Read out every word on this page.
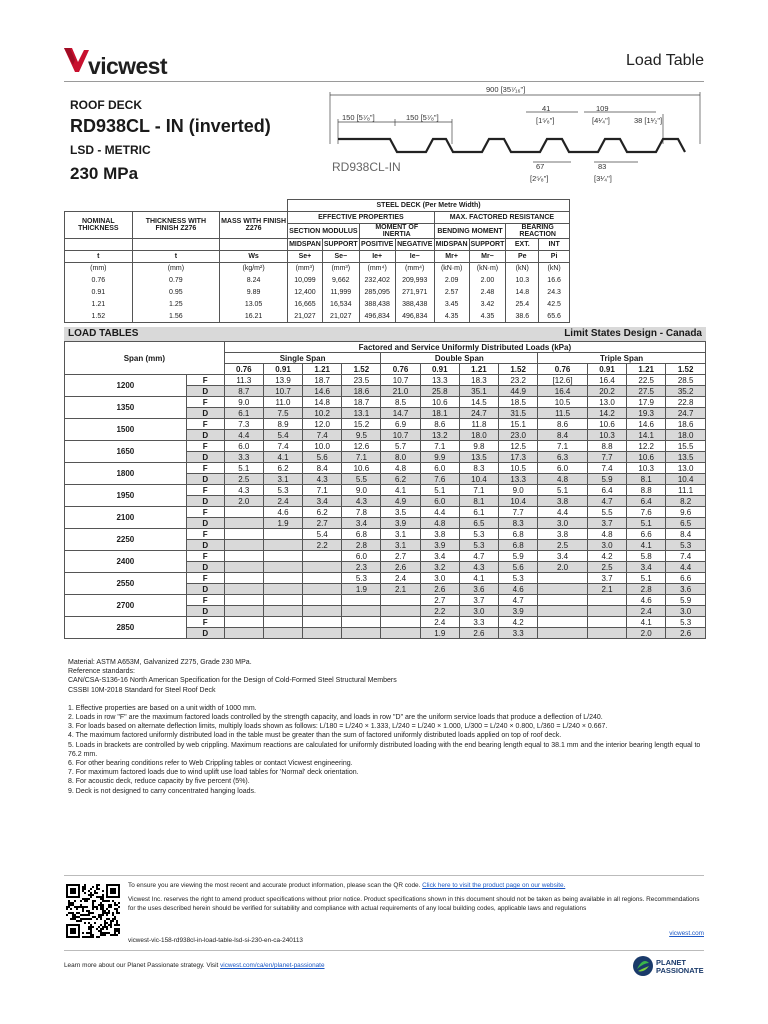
vicwest	Load Table
ROOF DECK
RD938CL - IN (inverted)
LSD - METRIC
230 MPa
900 [35⁷⁄₁₆"]
150 [5⁷⁄₈"]	150 [5⁷⁄₈"]
41
[1⁵⁄₈"]
109
[4¹⁄₄"]	38 [1¹⁄₂"]
67
[2⁵⁄₈"]
83
[3¹⁄₄"]
RD938CL-IN
			STEEL DECK (Per Metre Width)							
NOMINAL THICKNESS	THICKNESS WITH FINISH Z276	MASS WITH FINISH Z276	EFFECTIVE PROPERTIES				MAX. FACTORED RESISTANCE			
			SECTION MODULUS		MOMENT OF INERTIA		BENDING MOMENT		BEARING REACTION	
			MIDSPAN	SUPPORT	POSITIVE	NEGATIVE	MIDSPAN	SUPPORT	EXT.	INT
t	t	Ws	Se+	Se−	Ie+	Ie−	Mr+	Mr−	Pe	Pi
(mm)	(mm)	(kg/m²)	(mm³)	(mm³)	(mm⁴)	(mm⁴)	(kN·m)	(kN·m)	(kN)	(kN)
0.76	0.79	8.24	10,099	9,662	232,402	209,993	2.09	2.00	10.3	16.6
0.91	0.95	9.89	12,400	11,999	285,095	271,971	2.57	2.48	14.8	24.3
1.21	1.25	13.05	16,665	16,534	388,438	388,438	3.45	3.42	25.4	42.5
1.52	1.56	16.21	21,027	21,027	496,834	496,834	4.35	4.35	38.6	65.6
LOAD TABLES	Limit States Design - Canada
Span (mm)		Factored and Service Uniformly Distributed Loads (kPa)											
		Single Span				Double Span				Triple Span			
		0.76	0.91	1.21	1.52	0.76	0.91	1.21	1.52	0.76	0.91	1.21	1.52
1200	F	11.3	13.9	18.7	23.5	10.7	13.3	18.3	23.2	[12.6]	16.4	22.5	28.5
	D	8.7	10.7	14.6	18.6	21.0	25.8	35.1	44.9	16.4	20.2	27.5	35.2
1350	F	9.0	11.0	14.8	18.7	8.5	10.6	14.5	18.5	10.5	13.0	17.9	22.8
	D	6.1	7.5	10.2	13.1	14.7	18.1	24.7	31.5	11.5	14.2	19.3	24.7
1500	F	7.3	8.9	12.0	15.2	6.9	8.6	11.8	15.1	8.6	10.6	14.6	18.6
	D	4.4	5.4	7.4	9.5	10.7	13.2	18.0	23.0	8.4	10.3	14.1	18.0
1650	F	6.0	7.4	10.0	12.6	5.7	7.1	9.8	12.5	7.1	8.8	12.2	15.5
	D	3.3	4.1	5.6	7.1	8.0	9.9	13.5	17.3	6.3	7.7	10.6	13.5
1800	F	5.1	6.2	8.4	10.6	4.8	6.0	8.3	10.5	6.0	7.4	10.3	13.0
	D	2.5	3.1	4.3	5.5	6.2	7.6	10.4	13.3	4.8	5.9	8.1	10.4
1950	F	4.3	5.3	7.1	9.0	4.1	5.1	7.1	9.0	5.1	6.4	8.8	11.1
	D	2.0	2.4	3.4	4.3	4.9	6.0	8.1	10.4	3.8	4.7	6.4	8.2
2100	F		4.6	6.2	7.8	3.5	4.4	6.1	7.7	4.4	5.5	7.6	9.6
	D		1.9	2.7	3.4	3.9	4.8	6.5	8.3	3.0	3.7	5.1	6.5
2250	F			5.4	6.8	3.1	3.8	5.3	6.8	3.8	4.8	6.6	8.4
	D			2.2	2.8	3.1	3.9	5.3	6.8	2.5	3.0	4.1	5.3
2400	F				6.0	2.7	3.4	4.7	5.9	3.4	4.2	5.8	7.4
	D				2.3	2.6	3.2	4.3	5.6	2.0	2.5	3.4	4.4
2550	F				5.3	2.4	3.0	4.1	5.3		3.7	5.1	6.6
	D				1.9	2.1	2.6	3.6	4.6		2.1	2.8	3.6
2700	F						2.7	3.7	4.7			4.6	5.9
	D						2.2	3.0	3.9			2.4	3.0
2850	F						2.4	3.3	4.2			4.1	5.3
	D						1.9	2.6	3.3			2.0	2.6

Material: ASTM A653M, Galvanized Z275, Grade 230 MPa.

Reference standards:

CAN/CSA-S136-16 North American Specification for the Design of Cold-Formed Steel Structural Members

CSSBI 10M-2018 Standard for Steel Roof Deck

1. Effective properties are based on a unit width of 1000 mm.

2. Loads in row "F" are the maximum factored loads controlled by the strength capacity, and loads in row "D" are the uniform service loads that produce a deflection of L/240.

3. For loads based on alternate deflection limits, multiply loads shown as follows: L/180 = L/240 × 1.333, L/240 = L/240 × 1.000, L/300 = L/240 × 0.800, L/360 = L/240 × 0.667.

4. The maximum factored uniformly distributed load in the table must be greater than the sum of factored uniformly distributed loads applied on top of roof deck.

5. Loads in brackets are controlled by web crippling. Maximum reactions are calculated for uniformly distributed loading with the end bearing length equal to 38.1 mm and the interior bearing length equal to 76.2 mm.

6. For other bearing conditions refer to Web Crippling tables or contact Vicwest engineering.

7. For maximum factored loads due to wind uplift use load tables for 'Normal' deck orientation.

8. For acoustic deck, reduce capacity by five percent (5%).

9. Deck is not designed to carry concentrated hanging loads.

To ensure you are viewing the most recent and accurate product information, please scan the QR code. Click here to visit the product page on our website.

Vicwest Inc. reserves the right to amend product specifications without prior notice. Product specifications shown in this document should not be taken as being available in all regions. Recommendations for the uses described herein should be verified for suitability and compliance with actual requirements of any local building codes, applicable laws and regulations

vicwest-vic-158-rd938cl-in-load-table-lsd-si-230-en-ca-240113
vicwest.com
Learn more about our Planet Passionate strategy. Visit vicwest.com/ca/en/planet-passionate	PLANET
PASSIONATE
